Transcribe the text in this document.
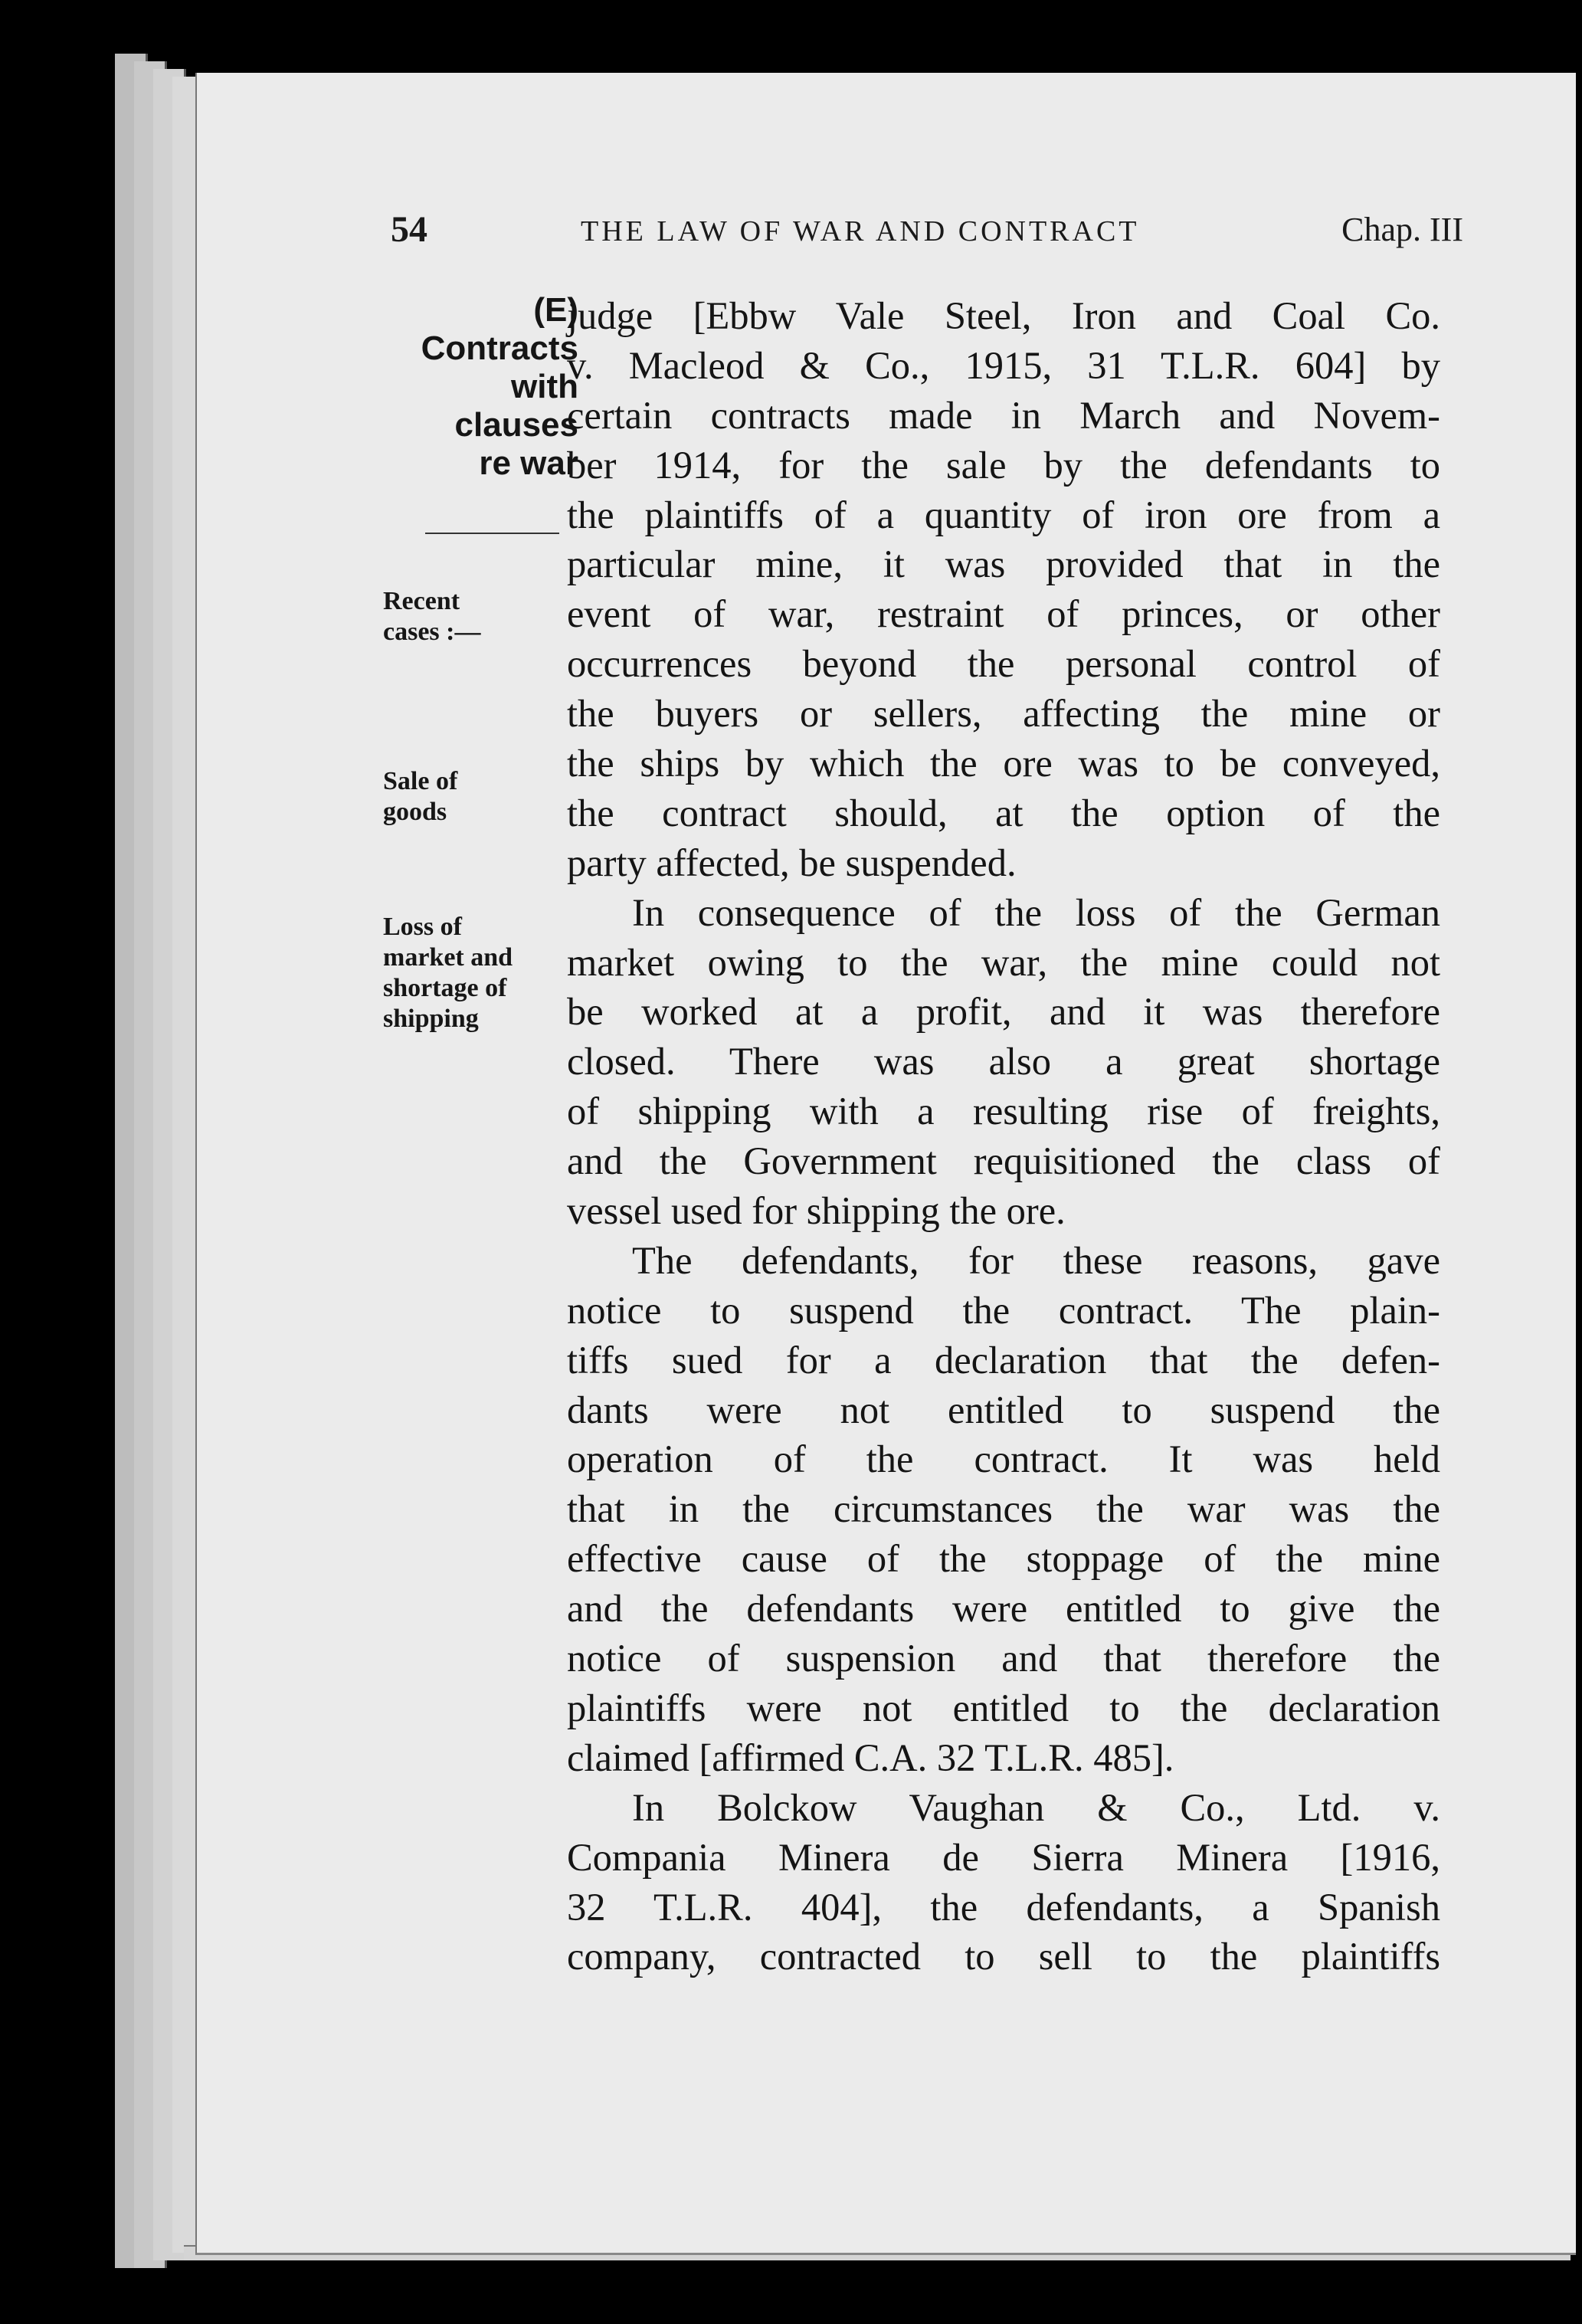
54	THE LAW OF WAR AND CONTRACT	Chap. III
(E)
Contracts
with
clauses
re war
Recent
cases :—
Sale of
goods
Loss of
market and
shortage of
shipping
judge [Ebbw Vale Steel, Iron and Coal Co.
v. Macleod & Co., 1915, 31 T.L.R. 604] by
certain contracts made in March and Novem-
ber 1914, for the sale by the defendants to
the plaintiffs of a quantity of iron ore from a
particular mine, it was provided that in the
event of war, restraint of princes, or other
occurrences beyond the personal control of
the buyers or sellers, affecting the mine or
the ships by which the ore was to be conveyed,
the contract should, at the option of the
party affected, be suspended.
In consequence of the loss of the German
market owing to the war, the mine could not
be worked at a profit, and it was therefore
closed. There was also a great shortage
of shipping with a resulting rise of freights,
and the Government requisitioned the class of
vessel used for shipping the ore.
The defendants, for these reasons, gave
notice to suspend the contract. The plain-
tiffs sued for a declaration that the defen-
dants were not entitled to suspend the
operation of the contract. It was held
that in the circumstances the war was the
effective cause of the stoppage of the mine
and the defendants were entitled to give the
notice of suspension and that therefore the
plaintiffs were not entitled to the declaration
claimed [affirmed C.A. 32 T.L.R. 485].
In Bolckow Vaughan & Co., Ltd. v.
Compania Minera de Sierra Minera [1916,
32 T.L.R. 404], the defendants, a Spanish
company, contracted to sell to the plaintiffs
